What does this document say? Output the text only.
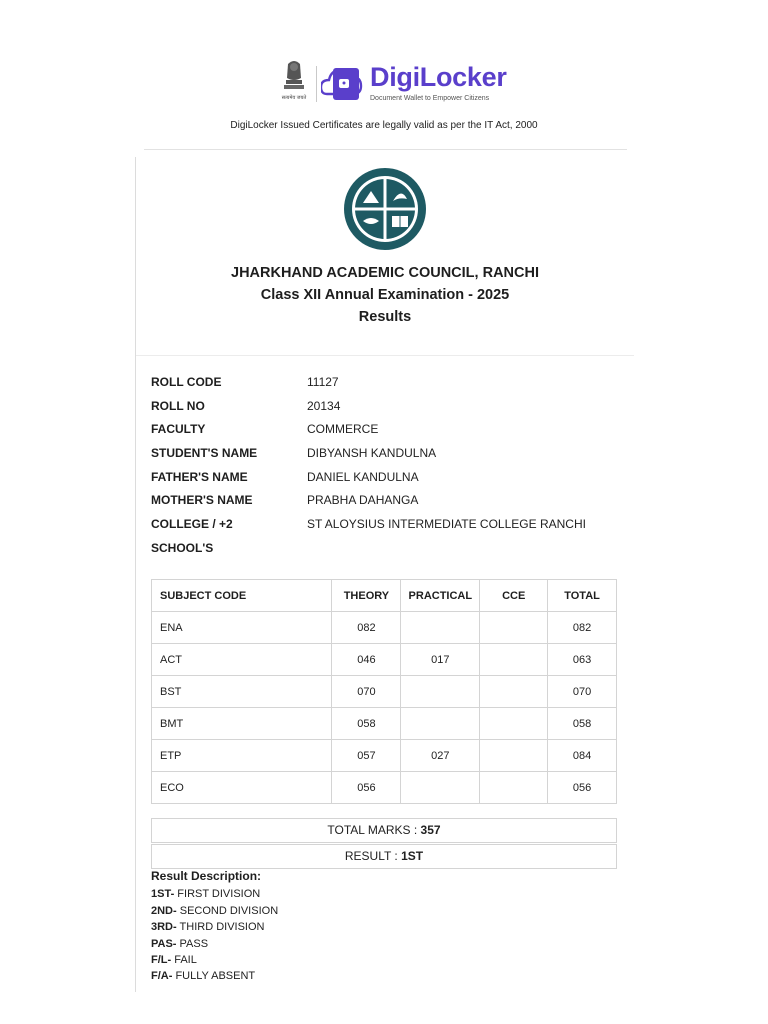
सत्यमेव जयते
DigiLocker
Document Wallet to Empower Citizens
DigiLocker Issued Certificates are legally valid as per the IT Act, 2000
JHARKHAND ACADEMIC COUNCIL, RANCHI
Class XII Annual Examination - 2025
Results
ROLL CODE	11127
ROLL NO	20134
FACULTY	COMMERCE
STUDENT'S NAME	DIBYANSH KANDULNA
FATHER'S NAME	DANIEL KANDULNA
MOTHER'S NAME	PRABHA DAHANGA
COLLEGE / +2	ST ALOYSIUS INTERMEDIATE COLLEGE RANCHI
SCHOOL'S
SUBJECT CODE	THEORY	PRACTICAL	CCE	TOTAL
ENA	082			082
ACT	046	017		063
BST	070			070
BMT	058			058
ETP	057	027		084
ECO	056			056
TOTAL MARKS : 357
RESULT : 1ST
Result Description:
1ST- FIRST DIVISION
2ND- SECOND DIVISION
3RD- THIRD DIVISION
PAS- PASS
F/L- FAIL
F/A- FULLY ABSENT
